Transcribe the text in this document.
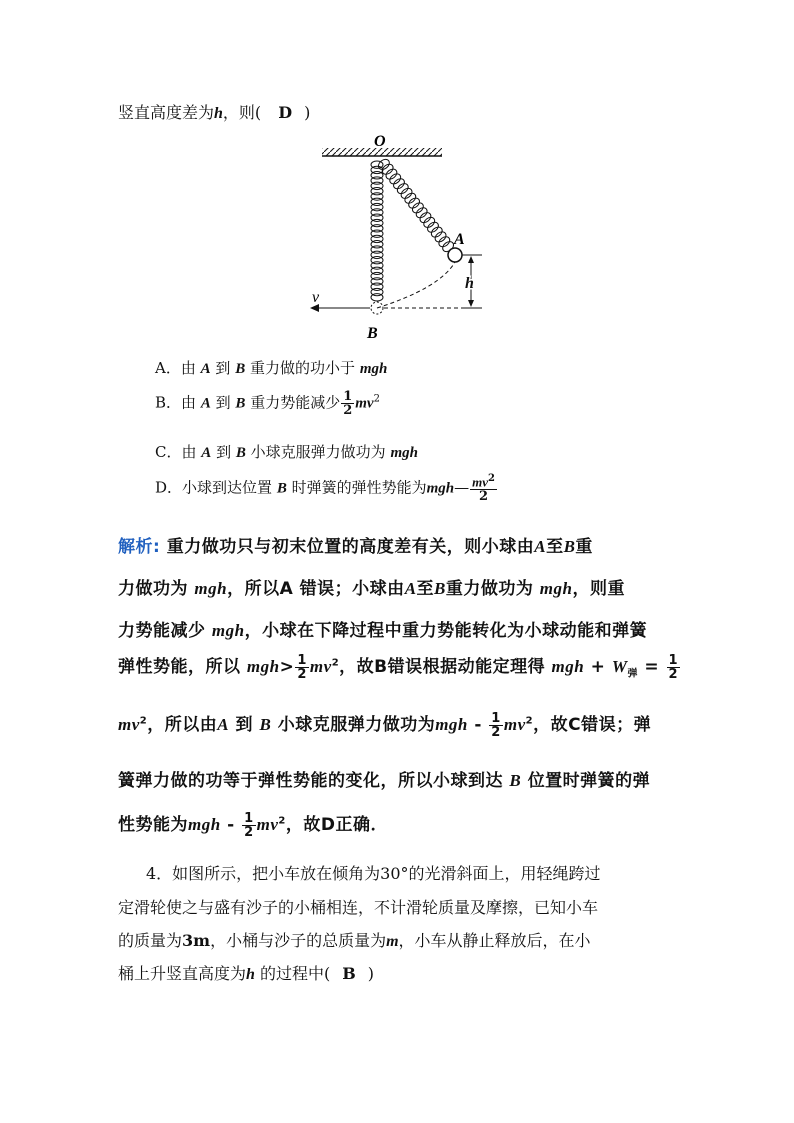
竖直高度差为h，则( D )
O
A
B
h
v
A．由 A 到 B 重力做的功小于 mgh
B．由 A 到 B 重力势能减少 $\frac{1}{2} mv^2$
C．由 A 到 B 小球克服弹力做功为 mgh
D．小球到达位置 B 时弹簧的弹性势能为mgh— $\frac{mv^2}{2}$
解析: 重力做功只与初末位置的高度差有关，则小球由A至B重
力做功为 mgh，所以A 错误；小球由A至B重力做功为 mgh，则重
力势能减少 mgh，小球在下降过程中重力势能转化为小球动能和弹簧
弹性势能，所以 $mgh> \frac{1}{2} mv^2$，故B错误根据动能定理得 mgh + $W_弹 = \frac{1}{2}$
$mv^2$，所以由A 到 B 小球克服弹力做功为mgh - $\frac{1}{2} mv^2$，故C错误；弹
簧弹力做的功等于弹性势能的变化，所以小球到达 B 位置时弹簧的弹
性势能为mgh - $\frac{1}{2} mv^2$，故D正确．
4．如图所示，把小车放在倾角为30°的光滑斜面上，用轻绳跨过
定滑轮使之与盛有沙子的小桶相连，不计滑轮质量及摩擦，已知小车
的质量为3m，小桶与沙子的总质量为m，小车从静止释放后，在小
桶上升竖直高度为h 的过程中( B )
